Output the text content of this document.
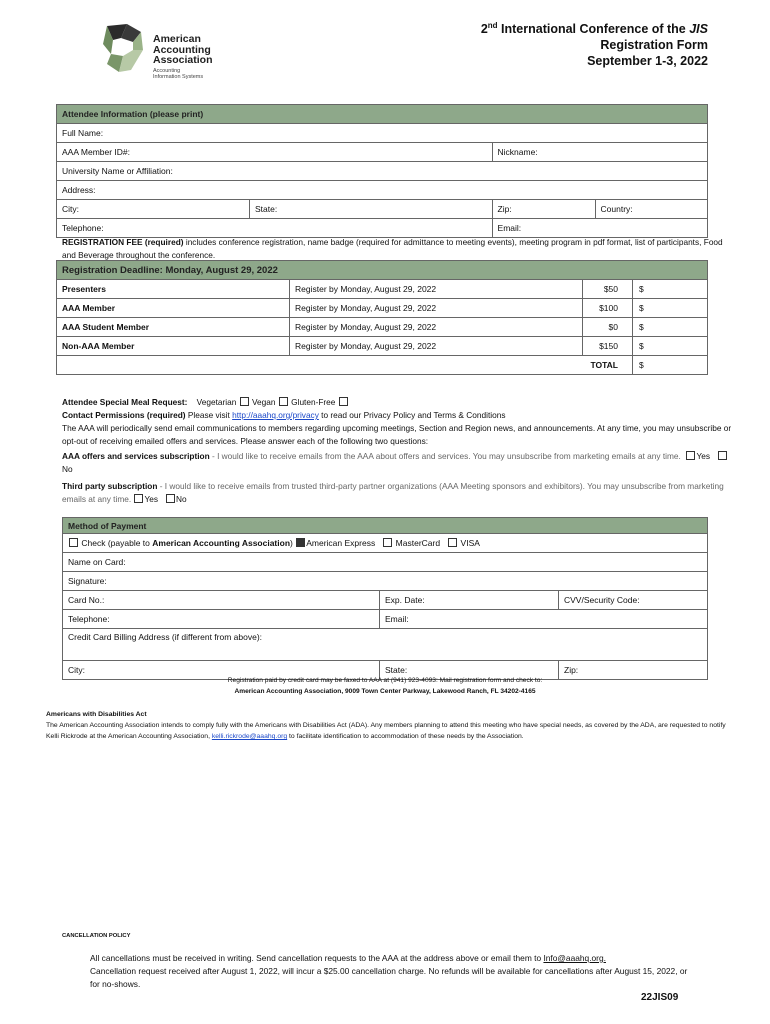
American
Accounting
Association
Accounting
Information Systems
2nd International Conference of the JIS
Registration Form
September 1-3, 2022
Attendee Information (please print)			
Full Name:			
AAA Member ID#:		Nickname:	
University Name or Affiliation:			
Address:			
City:	State:	Zip:	Country:
Telephone:		Email:	
REGISTRATION FEE (required) includes conference registration, name badge (required for admittance to meeting events), meeting program in pdf format, list of participants, Food and Beverage throughout the conference.
Registration Deadline: Monday, August 29, 2022			
Presenters	Register by Monday, August 29, 2022	$50	$
AAA Member	Register by Monday, August 29, 2022	$100	$
AAA Student Member	Register by Monday, August 29, 2022	$0	$
Non-AAA Member	Register by Monday, August 29, 2022	$150	$
		TOTAL	$
Attendee Special Meal Request: Vegetarian Vegan Gluten-Free
Contact Permissions (required) Please visit http://aaahq.org/privacy to read our Privacy Policy and Terms & Conditions
The AAA will periodically send email communications to members regarding upcoming meetings, Section and Region news, and announcements. At any time, you may unsubscribe or opt-out of receiving emailed offers and services. Please answer each of the following two questions:
AAA offers and services subscription - I would like to receive emails from the AAA about offers and services. You may unsubscribe from marketing emails at any time. Yes   No
Third party subscription - I would like to receive emails from trusted third-party partner organizations (AAA Meeting sponsors and exhibitors). You may unsubscribe from marketing emails at any time. Yes No
Method of Payment		
Check (payable to American Accounting Association) American Express MasterCard VISA		
Name on Card:		
Signature:		
Card No.:	Exp. Date:	CVV/Security Code:
Telephone:	Email:	
Credit Card Billing Address (if different from above):		
City:	State:	Zip:
Registration paid by credit card may be faxed to AAA at (941) 923-4093: Mail registration form and check to:
American Accounting Association, 9009 Town Center Parkway, Lakewood Ranch, FL 34202-4165
Americans with Disabilities Act
The American Accounting Association intends to comply fully with the Americans with Disabilities Act (ADA). Any members planning to attend this meeting who have special needs, as covered by the ADA, are requested to notify Kelli Rickrode at the American Accounting Association, kelli.rickrode@aaahq.org to facilitate identification to accommodation of these needs by the Association.
CANCELLATION POLICY
All cancellations must be received in writing. Send cancellation requests to the AAA at the address above or email them to Info@aaahq.org.
Cancellation request received after August 1, 2022, will incur a $25.00 cancellation charge. No refunds will be available for cancellations after August 15, 2022, or for no-shows.
22JIS09
